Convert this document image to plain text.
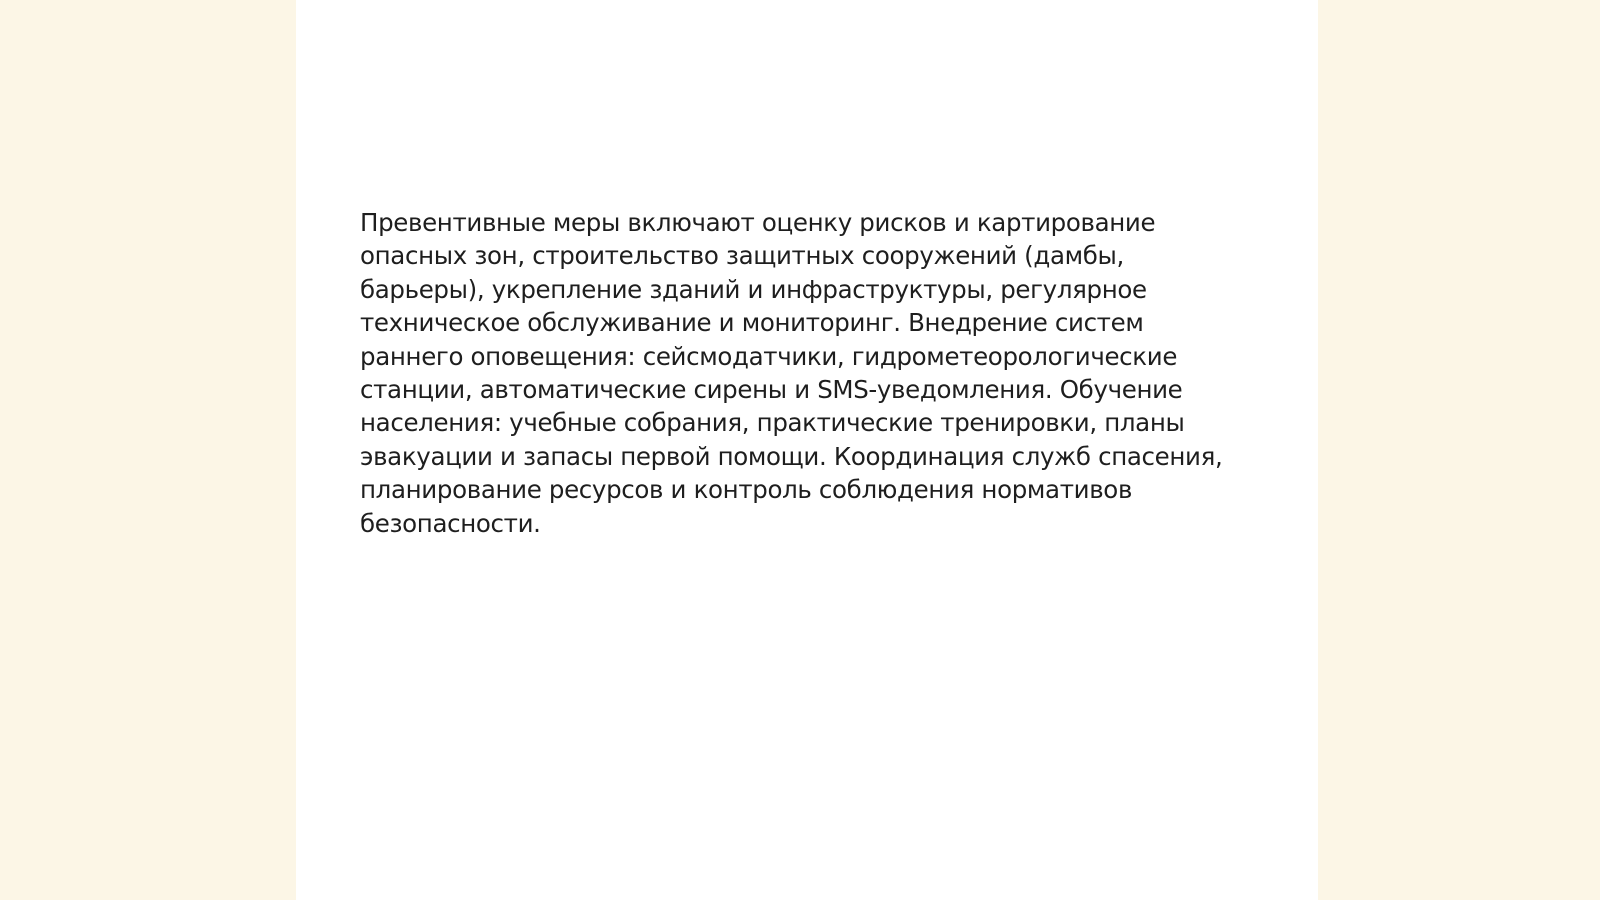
Превентивные меры включают оценку рисков и картирование опасных зон, строительство защитных сооружений (дамбы, барьеры), укрепление зданий и инфраструктуры, регулярное техническое обслуживание и мониторинг. Внедрение систем раннего оповещения: сейсмодатчики, гидрометеорологические станции, автоматические сирены и SMS-уведомления. Обучение населения: учебные собрания, практические тренировки, планы эвакуации и запасы первой помощи. Координация служб спасения, планирование ресурсов и контроль соблюдения нормативов безопасности.
